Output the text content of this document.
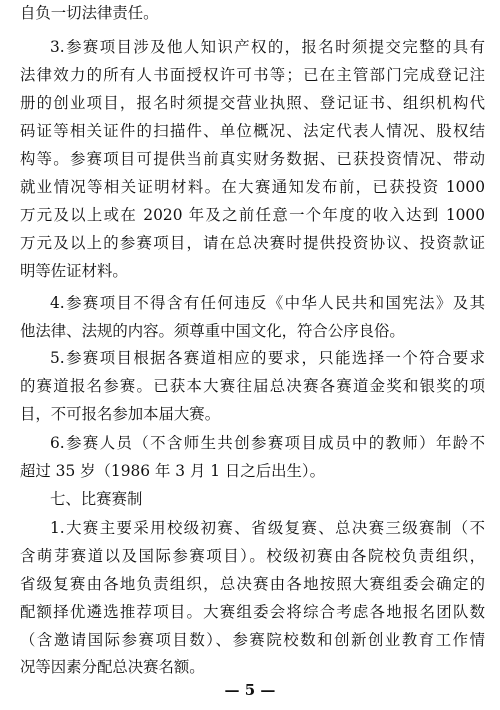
自负一切法律责任。
3.参赛项目涉及他人知识产权的，报名时须提交完整的具有
法律效力的所有人书面授权许可书等；已在主管部门完成登记注
册的创业项目，报名时须提交营业执照、登记证书、组织机构代
码证等相关证件的扫描件、单位概况、法定代表人情况、股权结
构等。参赛项目可提供当前真实财务数据、已获投资情况、带动
就业情况等相关证明材料。在大赛通知发布前，已获投资 1000
万元及以上或在 2020 年及之前任意一个年度的收入达到 1000
万元及以上的参赛项目，请在总决赛时提供投资协议、投资款证
明等佐证材料。
4.参赛项目不得含有任何违反《中华人民共和国宪法》及其
他法律、法规的内容。须尊重中国文化，符合公序良俗。
5.参赛项目根据各赛道相应的要求，只能选择一个符合要求
的赛道报名参赛。已获本大赛往届总决赛各赛道金奖和银奖的项
目，不可报名参加本届大赛。
6.参赛人员（不含师生共创参赛项目成员中的教师）年龄不
超过 35 岁（1986 年 3 月 1 日之后出生）。
七、比赛赛制
1.大赛主要采用校级初赛、省级复赛、总决赛三级赛制（不
含萌芽赛道以及国际参赛项目）。校级初赛由各院校负责组织，
省级复赛由各地负责组织，总决赛由各地按照大赛组委会确定的
配额择优遴选推荐项目。大赛组委会将综合考虑各地报名团队数
（含邀请国际参赛项目数）、参赛院校数和创新创业教育工作情
况等因素分配总决赛名额。
— 5 —
